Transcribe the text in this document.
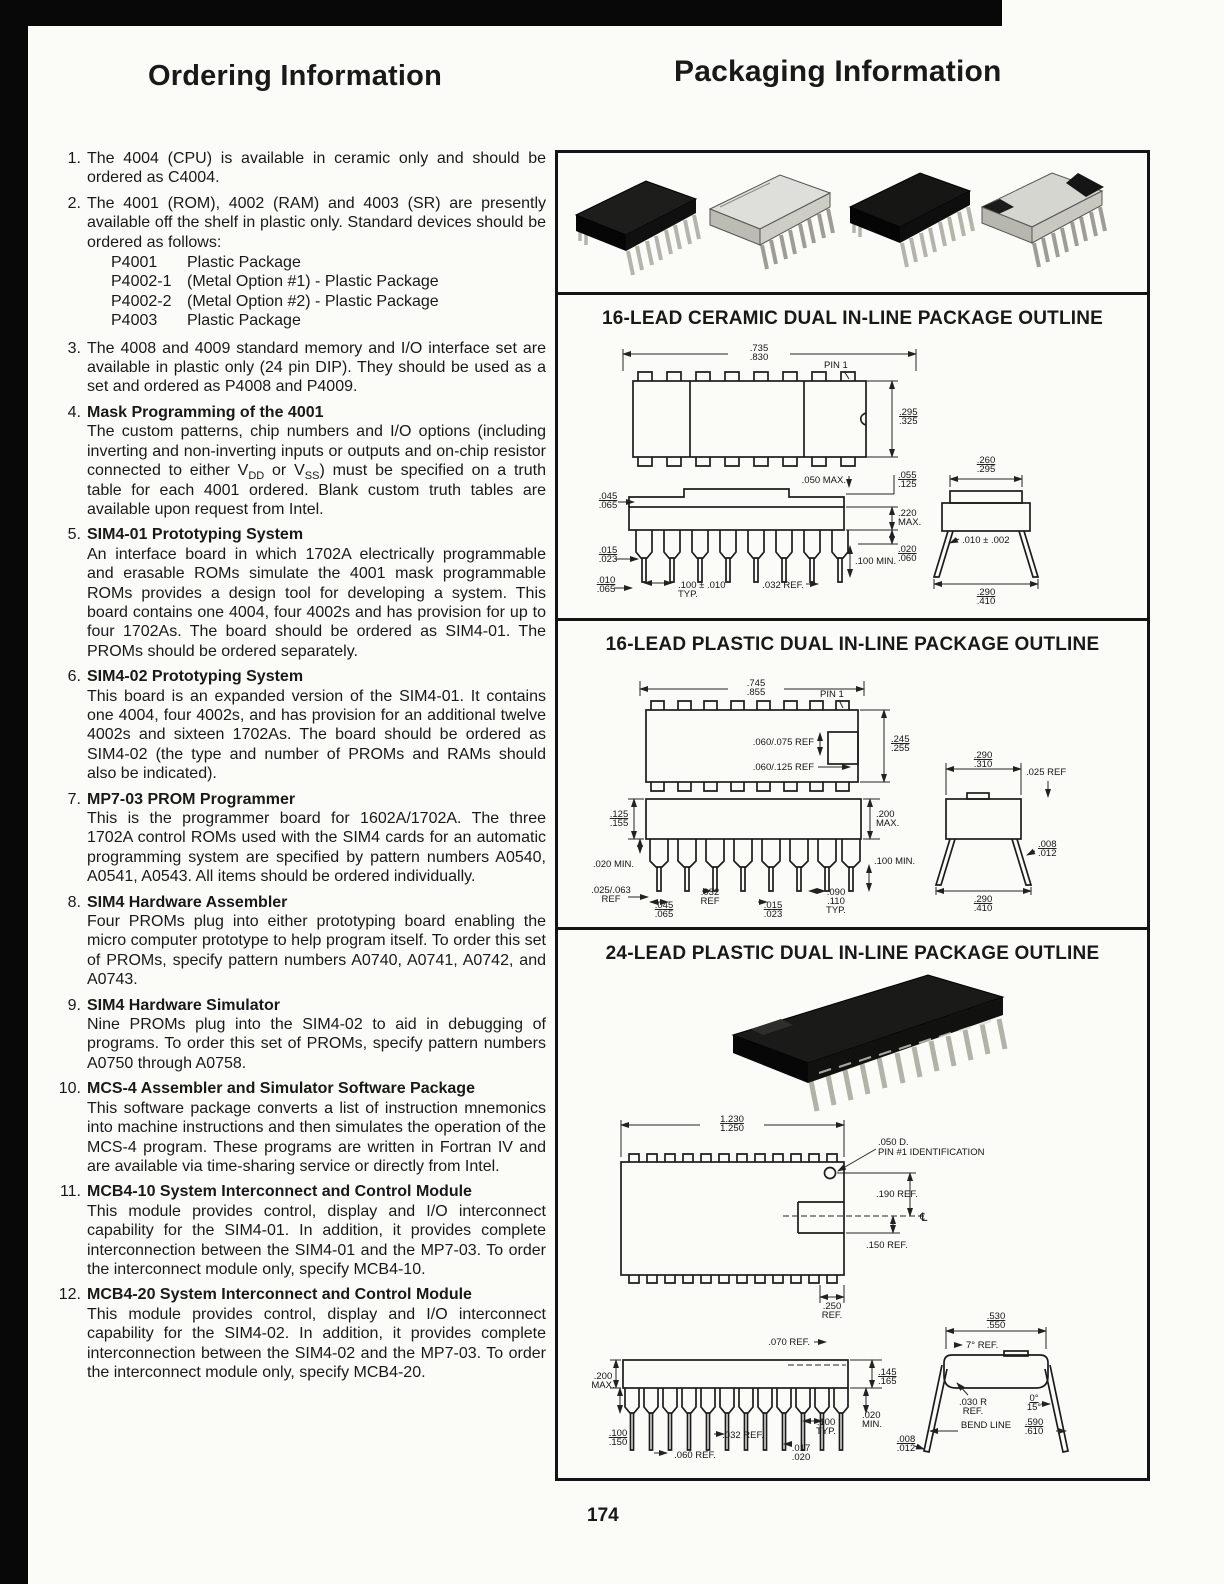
Ordering Information	Packaging Information
1. The 4004 (CPU) is available in ceramic only and should be ordered as C4004.
2. The 4001 (ROM), 4002 (RAM) and 4003 (SR) are presently available off the shelf in plastic only. Standard devices should be ordered as follows:
P4001	Plastic Package
P4002-1 (Metal Option #1) - Plastic Package
P4002-2 (Metal Option #2) - Plastic Package
P4003	Plastic Package
3. The 4008 and 4009 standard memory and I/O interface set are available in plastic only (24 pin DIP). They should be used as a set and ordered as P4008 and P4009.
4. Mask Programming of the 4001
The custom patterns, chip numbers and I/O options (including inverting and non-inverting inputs or outputs and on-chip resistor connected to either $V_{DD}$ or $V_{SS}$) must be specified on a truth table for each 4001 ordered. Blank custom truth tables are available upon request from Intel.
5. SIM4-01 Prototyping System
An interface board in which 1702A electrically programmable and erasable ROMs simulate the 4001 mask programmable ROMs provides a design tool for developing a system. This board contains one 4004, four 4002s and has provision for up to four 1702As. The board should be ordered as SIM4-01. The PROMs should be ordered separately.
6. SIM4-02 Prototyping System
This board is an expanded version of the SIM4-01. It contains one 4004, four 4002s, and has provision for an additional twelve 4002s and sixteen 1702As. The board should be ordered as SIM4-02 (the type and number of PROMs and RAMs should also be indicated).
7. MP7-03 PROM Programmer
This is the programmer board for 1602A/1702A. The three 1702A control ROMs used with the SIM4 cards for an automatic programming system are specified by pattern numbers A0540, A0541, A0543. All items should be ordered individually.
8. SIM4 Hardware Assembler
Four PROMs plug into either prototyping board enabling the micro computer prototype to help program itself. To order this set of PROMs, specify pattern numbers A0740, A0741, A0742, and A0743.
9. SIM4 Hardware Simulator
Nine PROMs plug into the SIM4-02 to aid in debugging of programs. To order this set of PROMs, specify pattern numbers A0750 through A0758.
10. MCS-4 Assembler and Simulator Software Package
This software package converts a list of instruction mnemonics into machine instructions and then simulates the operation of the MCS-4 program. These programs are written in Fortran IV and are available via time-sharing service or directly from Intel.
11. MCB4-10 System Interconnect and Control Module
This module provides control, display and I/O interconnect capability for the SIM4-01. In addition, it provides complete interconnection between the SIM4-01 and the MP7-03. To order the interconnect module only, specify MCB4-10.
12. MCB4-20 System Interconnect and Control Module
This module provides control, display and I/O interconnect capability for the SIM4-02. In addition, it provides complete interconnection between the SIM4-02 and the MP7-03. To order the interconnect module only, specify MCB4-20.
16-LEAD CERAMIC DUAL IN-LINE PACKAGE OUTLINE
.735 .830
PIN 1
.295 .325
.045 .065
.050 MAX.	.055 .125
.220 MAX.
.020 .060
.100 MIN.
.015 .023
.010 .065	.100 ± .010 TYP.
.032 REF.
.260 .295
.010 ± .002
.290 .410
16-LEAD PLASTIC DUAL IN-LINE PACKAGE OUTLINE
PIN 1
.745 .855
.245 .255
.060/.075 REF
.060/.125 REF
.125 .155
.200 MAX.
.020 MIN.	.100 MIN.
.025/.063 REF
.045 .065
.032 REF	.015 .023
.090 .110 TYP.
.290 .310
.025 REF
.008 .012
.290 .410
24-LEAD PLASTIC DUAL IN-LINE PACKAGE OUTLINE
1.230 1.250
.050 D.
PIN #1 IDENTIFICATION
.190 REF.
℄
.150 REF.
.250 REF.
.070 REF.
.200 MAX.
.145 .165
.020 MIN.
.100 .150
.060 REF.
.032 REF.
.017 .020
.100 TYP.
.530 .550
7° REF.
.030 R REF.
0° 15°
BEND LINE .590 .610
.008 .012
174
